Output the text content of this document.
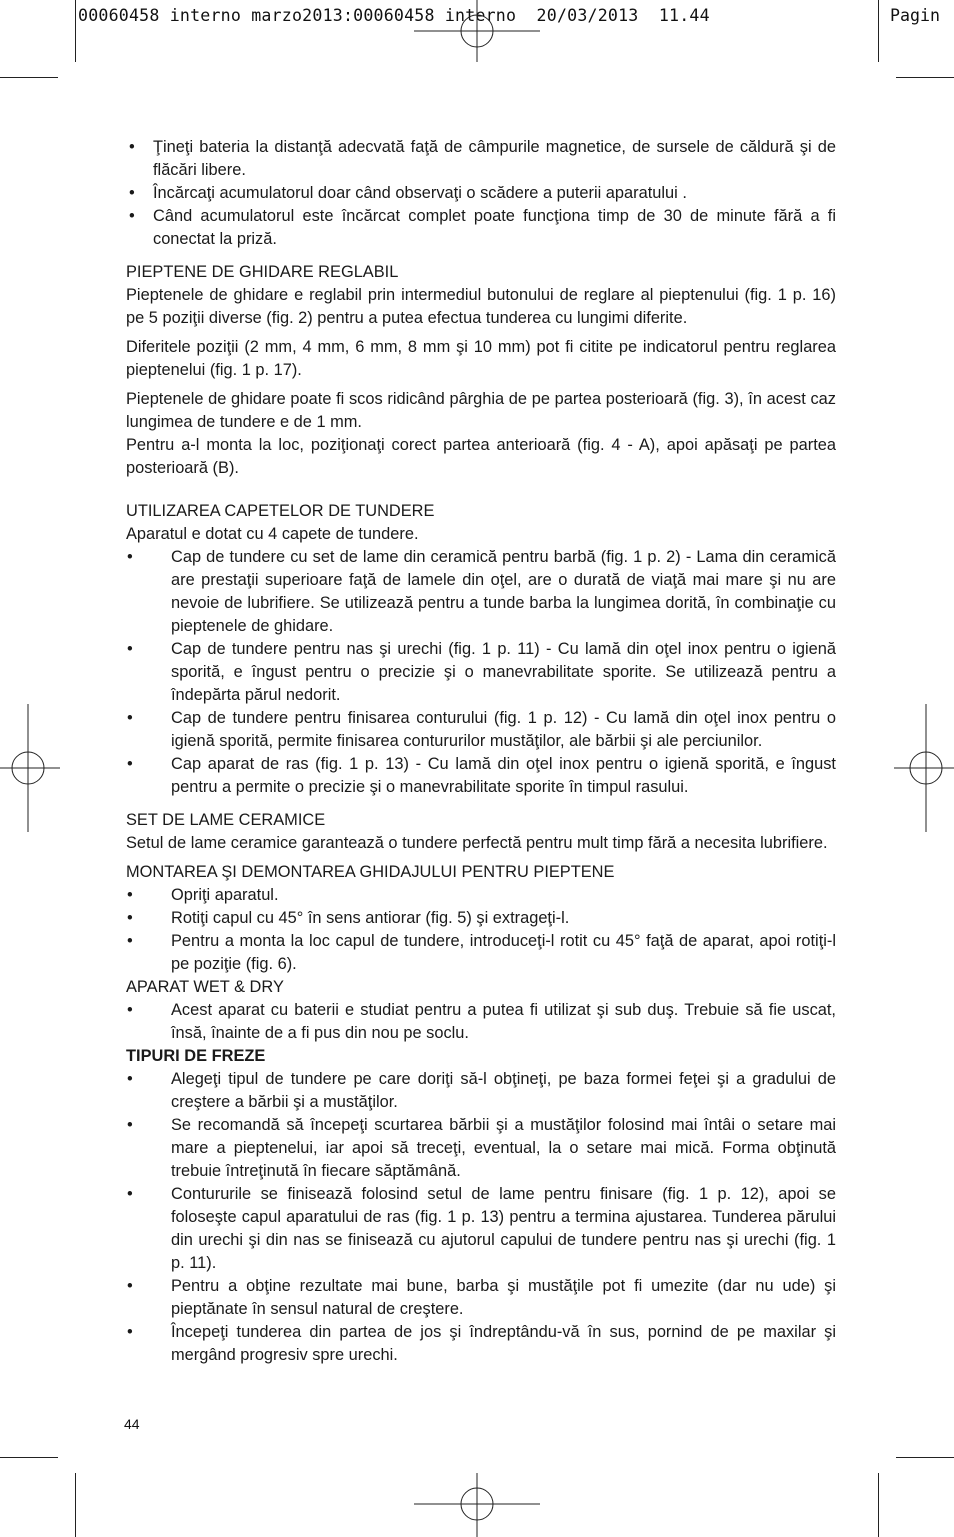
00060458 interno marzo2013:00060458 interno  20/03/2013  11.44	Pagin
• Ţineţi bateria la distanţă adecvată faţă de câmpurile magnetice, de sursele de căldură şi de flăcări libere.
• Încărcaţi acumulatorul doar când observaţi o scădere a puterii aparatului .
• Când acumulatorul este încărcat complet poate funcţiona timp de 30 de minute fără a fi conectat la priză.
PIEPTENE DE GHIDARE REGLABIL

Pieptenele de ghidare e reglabil prin intermediul butonului de reglare al pieptenului (fig. 1 p. 16) pe 5 poziţii diverse (fig. 2) pentru a putea efectua tunderea cu lungimi diferite.

Diferitele poziţii (2 mm, 4 mm, 6 mm, 8 mm şi 10 mm) pot fi citite pe indicatorul pentru reglarea pieptenelui (fig. 1 p. 17).

Pieptenele de ghidare poate fi scos ridicând pârghia de pe partea posterioară (fig. 3), în acest caz lungimea de tundere e de 1 mm.

Pentru a-l monta la loc, poziţionaţi corect partea anterioară (fig. 4 - A), apoi apăsaţi pe partea posterioară (B).

UTILIZAREA CAPETELOR DE TUNDERE

Aparatul e dotat cu 4 capete de tundere.

• Cap de tundere cu set de lame din ceramică pentru barbă (fig. 1 p. 2) - Lama din ceramică are prestaţii superioare faţă de lamele din oţel, are o durată de viaţă mai mare şi nu are nevoie de lubrifiere. Se utilizează pentru a tunde barba la lungimea dorită, în combinaţie cu pieptenele de ghidare.
• Cap de tundere pentru nas şi urechi (fig. 1 p. 11) - Cu lamă din oţel inox pentru o igienă sporită, e îngust pentru o precizie şi o manevrabilitate sporite. Se utilizează pentru a îndepărta părul nedorit.
• Cap de tundere pentru finisarea conturului (fig. 1 p. 12) - Cu lamă din oţel inox pentru o igienă sporită, permite finisarea contururilor mustăţilor, ale bărbii şi ale perciunilor.
• Cap aparat de ras (fig. 1 p. 13) - Cu lamă din oţel inox pentru o igienă sporită, e îngust pentru a permite o precizie şi o manevrabilitate sporite în timpul rasului.
SET DE LAME CERAMICE

Setul de lame ceramice garantează o tundere perfectă pentru mult timp fără a necesita lubrifiere.

MONTAREA ŞI DEMONTAREA GHIDAJULUI PENTRU PIEPTENE
• Opriţi aparatul.
• Rotiţi capul cu 45° în sens antiorar (fig. 5) şi extrageţi-l.
• Pentru a monta la loc capul de tundere, introduceţi-l rotit cu 45° faţă de aparat, apoi rotiţi-l pe poziţie (fig. 6).
APARAT WET & DRY
• Acest aparat cu baterii e studiat pentru a putea fi utilizat şi sub duş. Trebuie să fie uscat, însă, înainte de a fi pus din nou pe soclu.
TIPURI DE FREZE
• Alegeţi tipul de tundere pe care doriţi să-l obţineţi, pe baza formei feţei şi a gradului de creştere a bărbii şi a mustăţilor.
• Se recomandă să începeţi scurtarea bărbii şi a mustăţilor folosind mai întâi o setare mai mare a pieptenelui, iar apoi să treceţi, eventual, la o setare mai mică. Forma obţinută trebuie întreţinută în fiecare săptămână.
• Contururile se finisează folosind setul de lame pentru finisare (fig. 1 p. 12), apoi se foloseşte capul aparatului de ras (fig. 1 p. 13) pentru a termina ajustarea. Tunderea părului din urechi şi din nas se finisează cu ajutorul capului de tundere pentru nas şi urechi (fig. 1 p. 11).
• Pentru a obţine rezultate mai bune, barba şi mustăţile pot fi umezite (dar nu ude) şi pieptănate în sensul natural de creştere.
• Începeţi tunderea din partea de jos şi îndreptându-vă în sus, pornind de pe maxilar şi mergând progresiv spre urechi.
44
